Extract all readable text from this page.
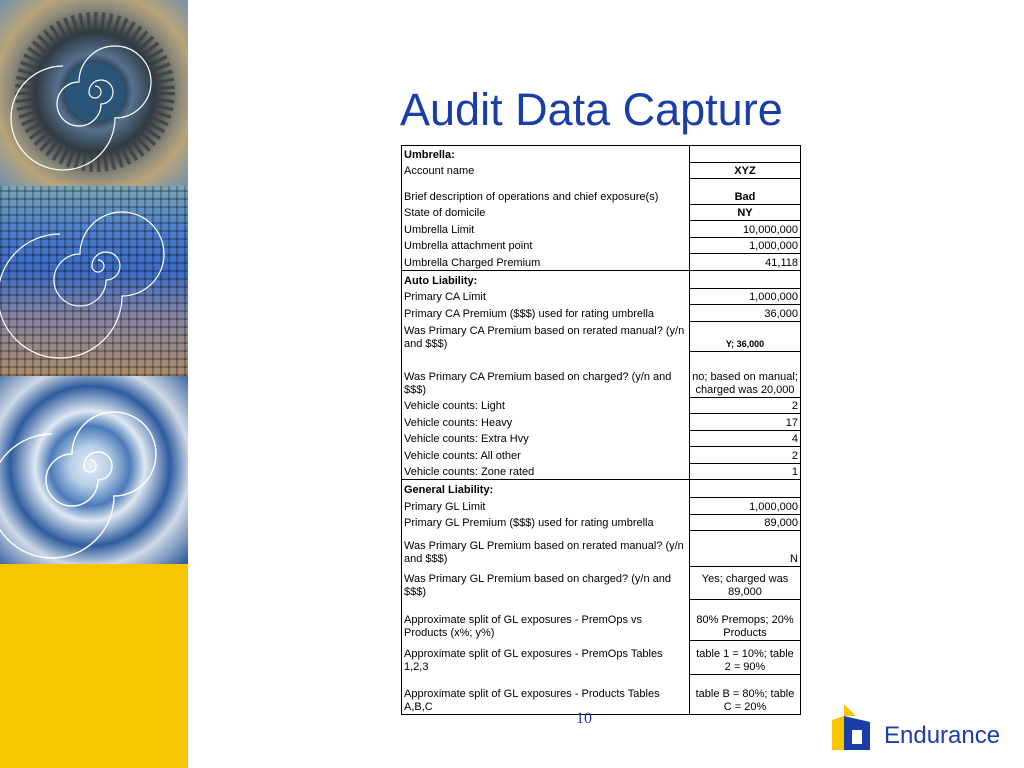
Audit Data Capture
Umbrella:	
Account name	XYZ
Brief description of operations and chief exposure(s)	Bad
State of domicile	NY
Umbrella Limit	10,000,000
Umbrella attachment point	1,000,000
Umbrella Charged Premium	41,118
Auto Liability:	
Primary CA Limit	1,000,000
Primary CA Premium ($$$) used for rating umbrella	36,000
Was Primary CA Premium based on rerated manual? (y/n and $$$)	Y; 36,000
Was Primary CA Premium based on charged? (y/n and $$$)	no; based on manual; charged was 20,000
Vehicle counts: Light	2
Vehicle counts: Heavy	17
Vehicle counts: Extra Hvy	4
Vehicle counts: All other	2
Vehicle counts: Zone rated	1
General Liability:	
Primary GL Limit	1,000,000
Primary GL Premium ($$$) used for rating umbrella	89,000
Was Primary GL Premium based on rerated manual? (y/n and $$$)	N
Was Primary GL Premium based on charged? (y/n and $$$)	Yes; charged was 89,000
Approximate split of GL exposures - PremOps vs Products (x%; y%)	80% Premops; 20% Products
Approximate split of GL exposures - PremOps Tables 1,2,3	table 1 = 10%; table 2 = 90%
Approximate split of GL exposures - Products Tables A,B,C	table B = 80%; table C = 20%
10
Endurance
